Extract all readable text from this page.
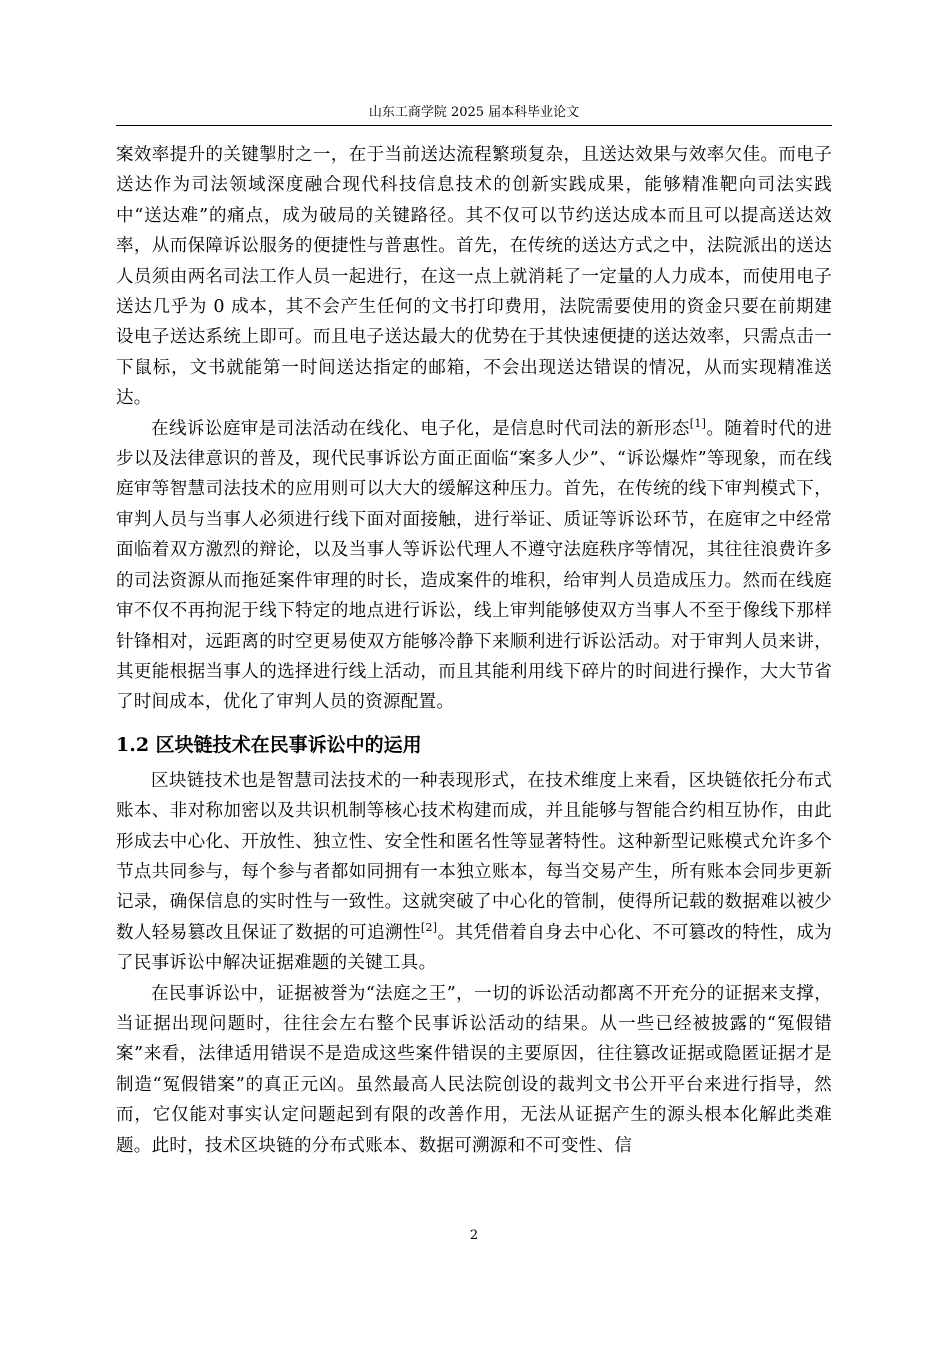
山东工商学院 2025 届本科毕业论文

案效率提升的关键掣肘之一，在于当前送达流程繁琐复杂，且送达效果与效率欠佳。而电子送达作为司法领域深度融合现代科技信息技术的创新实践成果，能够精准靶向司法实践中“送达难”的痛点，成为破局的关键路径。其不仅可以节约送达成本而且可以提高送达效率，从而保障诉讼服务的便捷性与普惠性。首先，在传统的送达方式之中，法院派出的送达人员须由两名司法工作人员一起进行，在这一点上就消耗了一定量的人力成本，而使用电子送达几乎为 0 成本，其不会产生任何的文书打印费用，法院需要使用的资金只要在前期建设电子送达系统上即可。而且电子送达最大的优势在于其快速便捷的送达效率，只需点击一下鼠标，文书就能第一时间送达指定的邮箱，不会出现送达错误的情况，从而实现精准送达。

在线诉讼庭审是司法活动在线化、电子化，是信息时代司法的新形态[1]。随着时代的进步以及法律意识的普及，现代民事诉讼方面正面临“案多人少”、“诉讼爆炸”等现象，而在线庭审等智慧司法技术的应用则可以大大的缓解这种压力。首先，在传统的线下审判模式下，审判人员与当事人必须进行线下面对面接触，进行举证、质证等诉讼环节，在庭审之中经常面临着双方激烈的辩论，以及当事人等诉讼代理人不遵守法庭秩序等情况，其往往浪费许多的司法资源从而拖延案件审理的时长，造成案件的堆积，给审判人员造成压力。然而在线庭审不仅不再拘泥于线下特定的地点进行诉讼，线上审判能够使双方当事人不至于像线下那样针锋相对，远距离的时空更易使双方能够冷静下来顺利进行诉讼活动。对于审判人员来讲，其更能根据当事人的选择进行线上活动，而且其能利用线下碎片的时间进行操作，大大节省了时间成本，优化了审判人员的资源配置。

1.2 区块链技术在民事诉讼中的运用

区块链技术也是智慧司法技术的一种表现形式，在技术维度上来看，区块链依托分布式账本、非对称加密以及共识机制等核心技术构建而成，并且能够与智能合约相互协作，由此形成去中心化、开放性、独立性、安全性和匿名性等显著特性。这种新型记账模式允许多个节点共同参与，每个参与者都如同拥有一本独立账本，每当交易产生，所有账本会同步更新记录，确保信息的实时性与一致性。这就突破了中心化的管制，使得所记载的数据难以被少数人轻易篡改且保证了数据的可追溯性[2]。其凭借着自身去中心化、不可篡改的特性，成为了民事诉讼中解决证据难题的关键工具。

在民事诉讼中，证据被誉为“法庭之王”，一切的诉讼活动都离不开充分的证据来支撑，当证据出现问题时，往往会左右整个民事诉讼活动的结果。从一些已经被披露的“冤假错案”来看，法律适用错误不是造成这些案件错误的主要原因，往往篡改证据或隐匿证据才是制造“冤假错案”的真正元凶。虽然最高人民法院创设的裁判文书公开平台来进行指导，然而，它仅能对事实认定问题起到有限的改善作用，无法从证据产生的源头根本化解此类难题。此时，技术区块链的分布式账本、数据可溯源和不可变性、信

2
